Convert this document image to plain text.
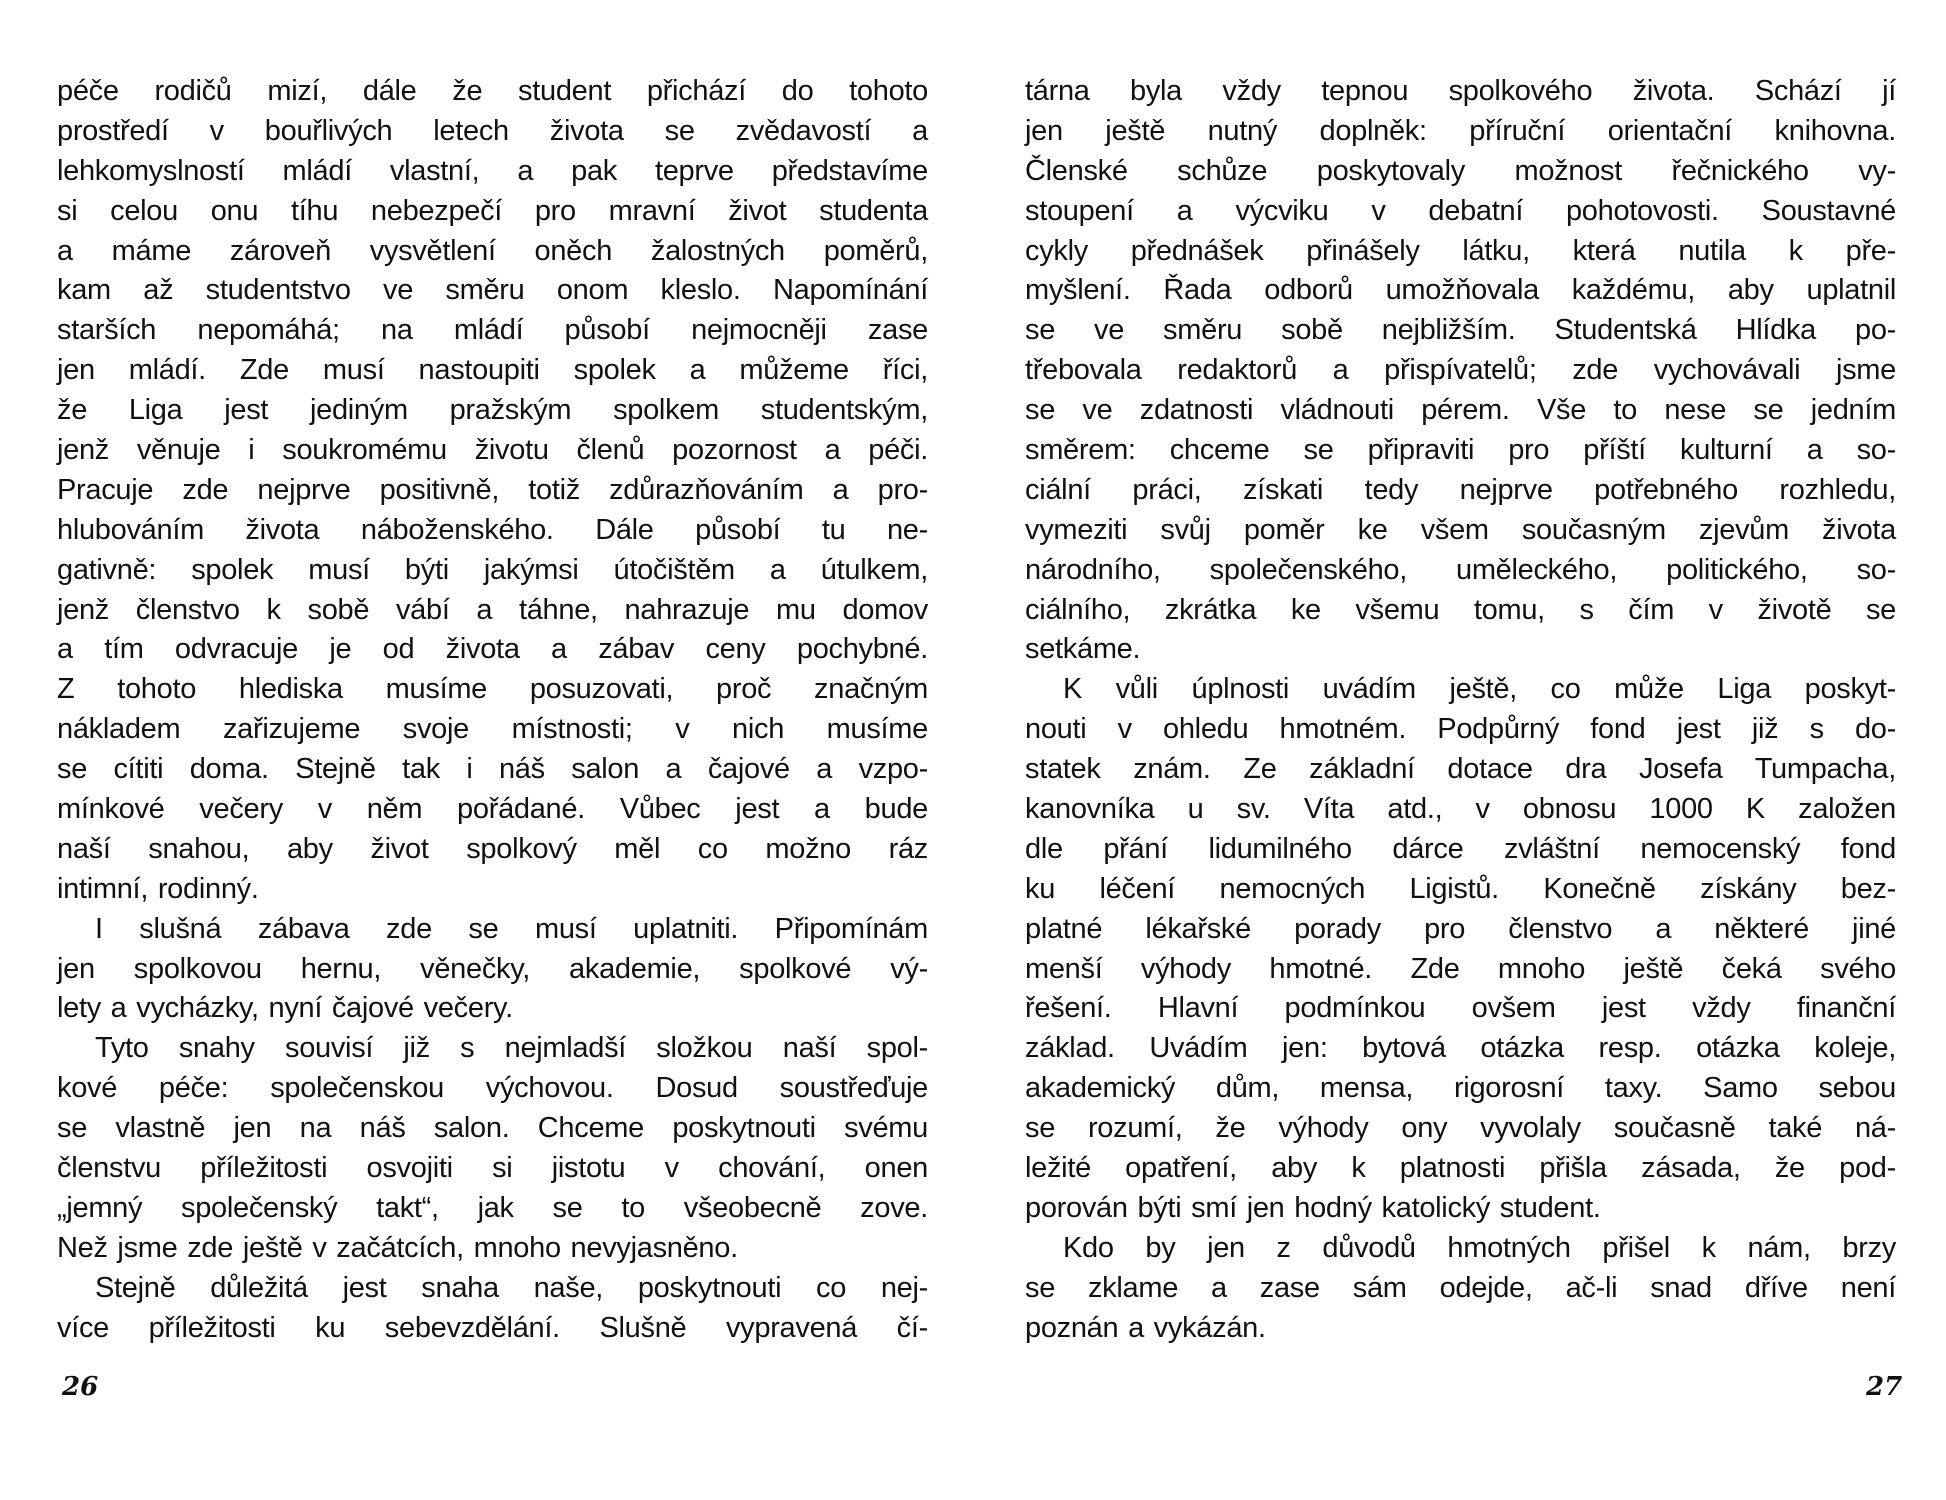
péče rodičů mizí, dále že student přichází do tohoto
prostředí v bouřlivých letech života se zvědavostí a
lehkomyslností mládí vlastní, a pak teprve představíme
si celou onu tíhu nebezpečí pro mravní život studenta
a máme zároveň vysvětlení oněch žalostných poměrů,
kam až studentstvo ve směru onom kleslo. Napomínání
starších nepomáhá; na mládí působí nejmocněji zase
jen mládí. Zde musí nastoupiti spolek a můžeme říci,
že Liga jest jediným pražským spolkem studentským,
jenž věnuje i soukromému životu členů pozornost a péči.
Pracuje zde nejprve positivně, totiž zdůrazňováním a pro-
hlubováním života náboženského. Dále působí tu ne-
gativně: spolek musí býti jakýmsi útočištěm a útulkem,
jenž členstvo k sobě vábí a táhne, nahrazuje mu domov
a tím odvracuje je od života a zábav ceny pochybné.
Z tohoto hlediska musíme posuzovati, proč značným
nákladem zařizujeme svoje místnosti; v nich musíme
se cítiti doma. Stejně tak i náš salon a čajové a vzpo-
mínkové večery v něm pořádané. Vůbec jest a bude
naší snahou, aby život spolkový měl co možno ráz
intimní, rodinný.
I slušná zábava zde se musí uplatniti. Připomínám
jen spolkovou hernu, věnečky, akademie, spolkové vý-
lety a vycházky, nyní čajové večery.
Tyto snahy souvisí již s nejmladší složkou naší spol-
kové péče: společenskou výchovou. Dosud soustřeďuje
se vlastně jen na náš salon. Chceme poskytnouti svému
členstvu příležitosti osvojiti si jistotu v chování, onen
„jemný společenský takt“, jak se to všeobecně zove.
Než jsme zde ještě v začátcích, mnoho nevyjasněno.
Stejně důležitá jest snaha naše, poskytnouti co nej-
více příležitosti ku sebevzdělání. Slušně vypravená čí-
tárna byla vždy tepnou spolkového života. Schází jí
jen ještě nutný doplněk: příruční orientační knihovna.
Členské schůze poskytovaly možnost řečnického vy-
stoupení a výcviku v debatní pohotovosti. Soustavné
cykly přednášek přinášely látku, která nutila k pře-
myšlení. Řada odborů umožňovala každému, aby uplatnil
se ve směru sobě nejbližším. Studentská Hlídka po-
třebovala redaktorů a přispívatelů; zde vychovávali jsme
se ve zdatnosti vládnouti pérem. Vše to nese se jedním
směrem: chceme se připraviti pro příští kulturní a so-
ciální práci, získati tedy nejprve potřebného rozhledu,
vymeziti svůj poměr ke všem současným zjevům života
národního, společenského, uměleckého, politického, so-
ciálního, zkrátka ke všemu tomu, s čím v životě se
setkáme.
K vůli úplnosti uvádím ještě, co může Liga poskyt-
nouti v ohledu hmotném. Podpůrný fond jest již s do-
statek znám. Ze základní dotace dra Josefa Tumpacha,
kanovníka u sv. Víta atd., v obnosu 1000 K založen
dle přání lidumilného dárce zvláštní nemocenský fond
ku léčení nemocných Ligistů. Konečně získány bez-
platné lékařské porady pro členstvo a některé jiné
menší výhody hmotné. Zde mnoho ještě čeká svého
řešení. Hlavní podmínkou ovšem jest vždy finanční
základ. Uvádím jen: bytová otázka resp. otázka koleje,
akademický dům, mensa, rigorosní taxy. Samo sebou
se rozumí, že výhody ony vyvolaly současně také ná-
ležité opatření, aby k platnosti přišla zásada, že pod-
porován býti smí jen hodný katolický student.
Kdo by jen z důvodů hmotných přišel k nám, brzy
se zklame a zase sám odejde, ač-li snad dříve není
poznán a vykázán.
26	27
